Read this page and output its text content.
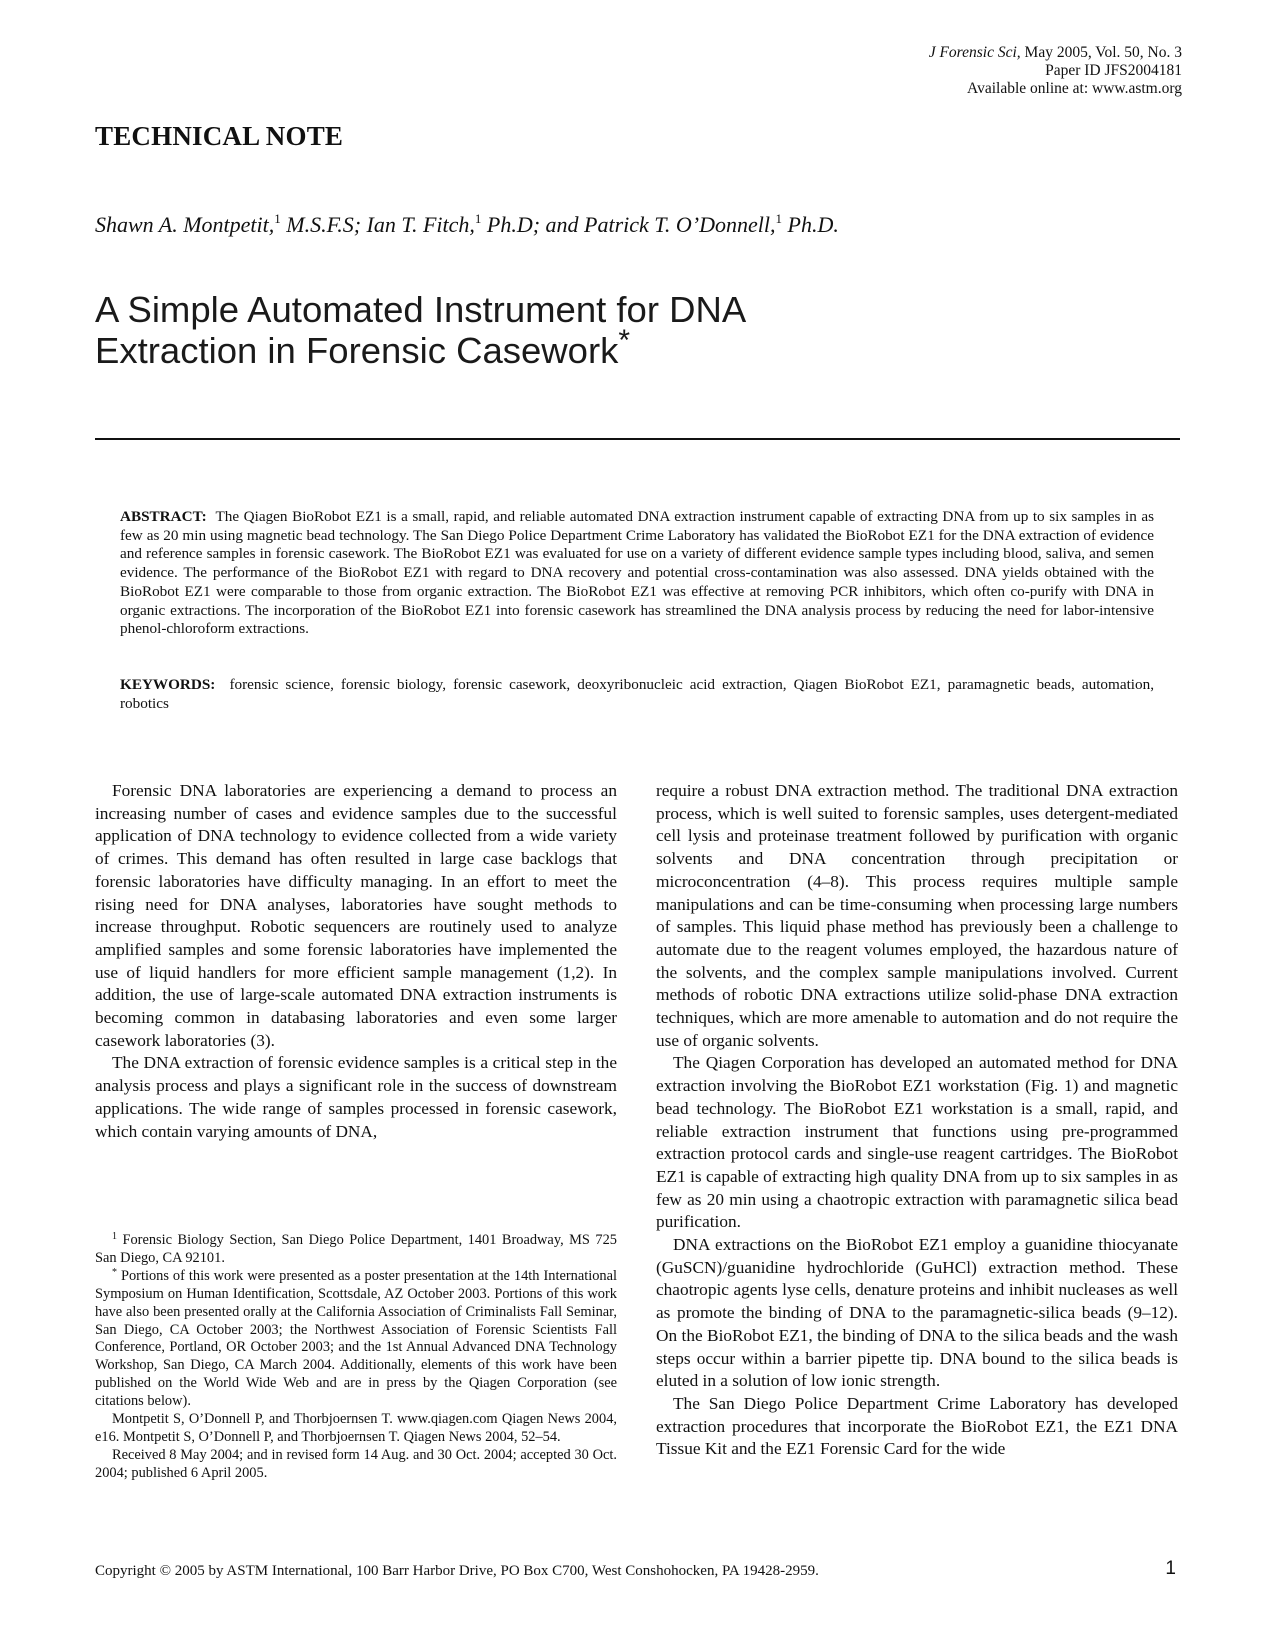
J Forensic Sci, May 2005, Vol. 50, No. 3
Paper ID JFS2004181
Available online at: www.astm.org
TECHNICAL NOTE
Shawn A. Montpetit,$^1$ M.S.F.S; Ian T. Fitch,$^1$ Ph.D; and Patrick T. O’Donnell,$^1$ Ph.D.
A Simple Automated Instrument for DNA
Extraction in Forensic Casework*
ABSTRACT: The Qiagen BioRobot EZ1 is a small, rapid, and reliable automated DNA extraction instrument capable of extracting DNA from up to six samples in as few as 20 min using magnetic bead technology. The San Diego Police Department Crime Laboratory has validated the BioRobot EZ1 for the DNA extraction of evidence and reference samples in forensic casework. The BioRobot EZ1 was evaluated for use on a variety of different evidence sample types including blood, saliva, and semen evidence. The performance of the BioRobot EZ1 with regard to DNA recovery and potential cross-contamination was also assessed. DNA yields obtained with the BioRobot EZ1 were comparable to those from organic extraction. The BioRobot EZ1 was effective at removing PCR inhibitors, which often co-purify with DNA in organic extractions. The incorporation of the BioRobot EZ1 into forensic casework has streamlined the DNA analysis process by reducing the need for labor-intensive phenol-chloroform extractions.
KEYWORDS: forensic science, forensic biology, forensic casework, deoxyribonucleic acid extraction, Qiagen BioRobot EZ1, paramagnetic beads, automation, robotics

Forensic DNA laboratories are experiencing a demand to process an increasing number of cases and evidence samples due to the successful application of DNA technology to evidence collected from a wide variety of crimes. This demand has often resulted in large case backlogs that forensic laboratories have difficulty managing. In an effort to meet the rising need for DNA analyses, laboratories have sought methods to increase throughput. Robotic sequencers are routinely used to analyze amplified samples and some forensic laboratories have implemented the use of liquid handlers for more efficient sample management (1,2). In addition, the use of large-scale automated DNA extraction instruments is becoming common in databasing laboratories and even some larger casework laboratories (3).

The DNA extraction of forensic evidence samples is a critical step in the analysis process and plays a significant role in the success of downstream applications. The wide range of samples processed in forensic casework, which contain varying amounts of DNA,

require a robust DNA extraction method. The traditional DNA extraction process, which is well suited to forensic samples, uses detergent-mediated cell lysis and proteinase treatment followed by purification with organic solvents and DNA concentration through precipitation or microconcentration (4–8). This process requires multiple sample manipulations and can be time-consuming when processing large numbers of samples. This liquid phase method has previously been a challenge to automate due to the reagent volumes employed, the hazardous nature of the solvents, and the complex sample manipulations involved. Current methods of robotic DNA extractions utilize solid-phase DNA extraction techniques, which are more amenable to automation and do not require the use of organic solvents.

The Qiagen Corporation has developed an automated method for DNA extraction involving the BioRobot EZ1 workstation (Fig. 1) and magnetic bead technology. The BioRobot EZ1 workstation is a small, rapid, and reliable extraction instrument that functions using pre-programmed extraction protocol cards and single-use reagent cartridges. The BioRobot EZ1 is capable of extracting high quality DNA from up to six samples in as few as 20 min using a chaotropic extraction with paramagnetic silica bead purification.

DNA extractions on the BioRobot EZ1 employ a guanidine thiocyanate (GuSCN)/guanidine hydrochloride (GuHCl) extraction method. These chaotropic agents lyse cells, denature proteins and inhibit nucleases as well as promote the binding of DNA to the paramagnetic-silica beads (9–12). On the BioRobot EZ1, the binding of DNA to the silica beads and the wash steps occur within a barrier pipette tip. DNA bound to the silica beads is eluted in a solution of low ionic strength.

The San Diego Police Department Crime Laboratory has developed extraction procedures that incorporate the BioRobot EZ1, the EZ1 DNA Tissue Kit and the EZ1 Forensic Card for the wide

$^1$ Forensic Biology Section, San Diego Police Department, 1401 Broadway, MS 725 San Diego, CA 92101.

* Portions of this work were presented as a poster presentation at the 14th International Symposium on Human Identification, Scottsdale, AZ October 2003. Portions of this work have also been presented orally at the California Association of Criminalists Fall Seminar, San Diego, CA October 2003; the Northwest Association of Forensic Scientists Fall Conference, Portland, OR October 2003; and the 1st Annual Advanced DNA Technology Workshop, San Diego, CA March 2004. Additionally, elements of this work have been published on the World Wide Web and are in press by the Qiagen Corporation (see citations below).

Montpetit S, O’Donnell P, and Thorbjoernsen T. www.qiagen.com Qiagen News 2004, e16. Montpetit S, O’Donnell P, and Thorbjoernsen T. Qiagen News 2004, 52–54.

Received 8 May 2004; and in revised form 14 Aug. and 30 Oct. 2004; accepted 30 Oct. 2004; published 6 April 2005.

Copyright © 2005 by ASTM International, 100 Barr Harbor Drive, PO Box C700, West Conshohocken, PA 19428-2959.	1
